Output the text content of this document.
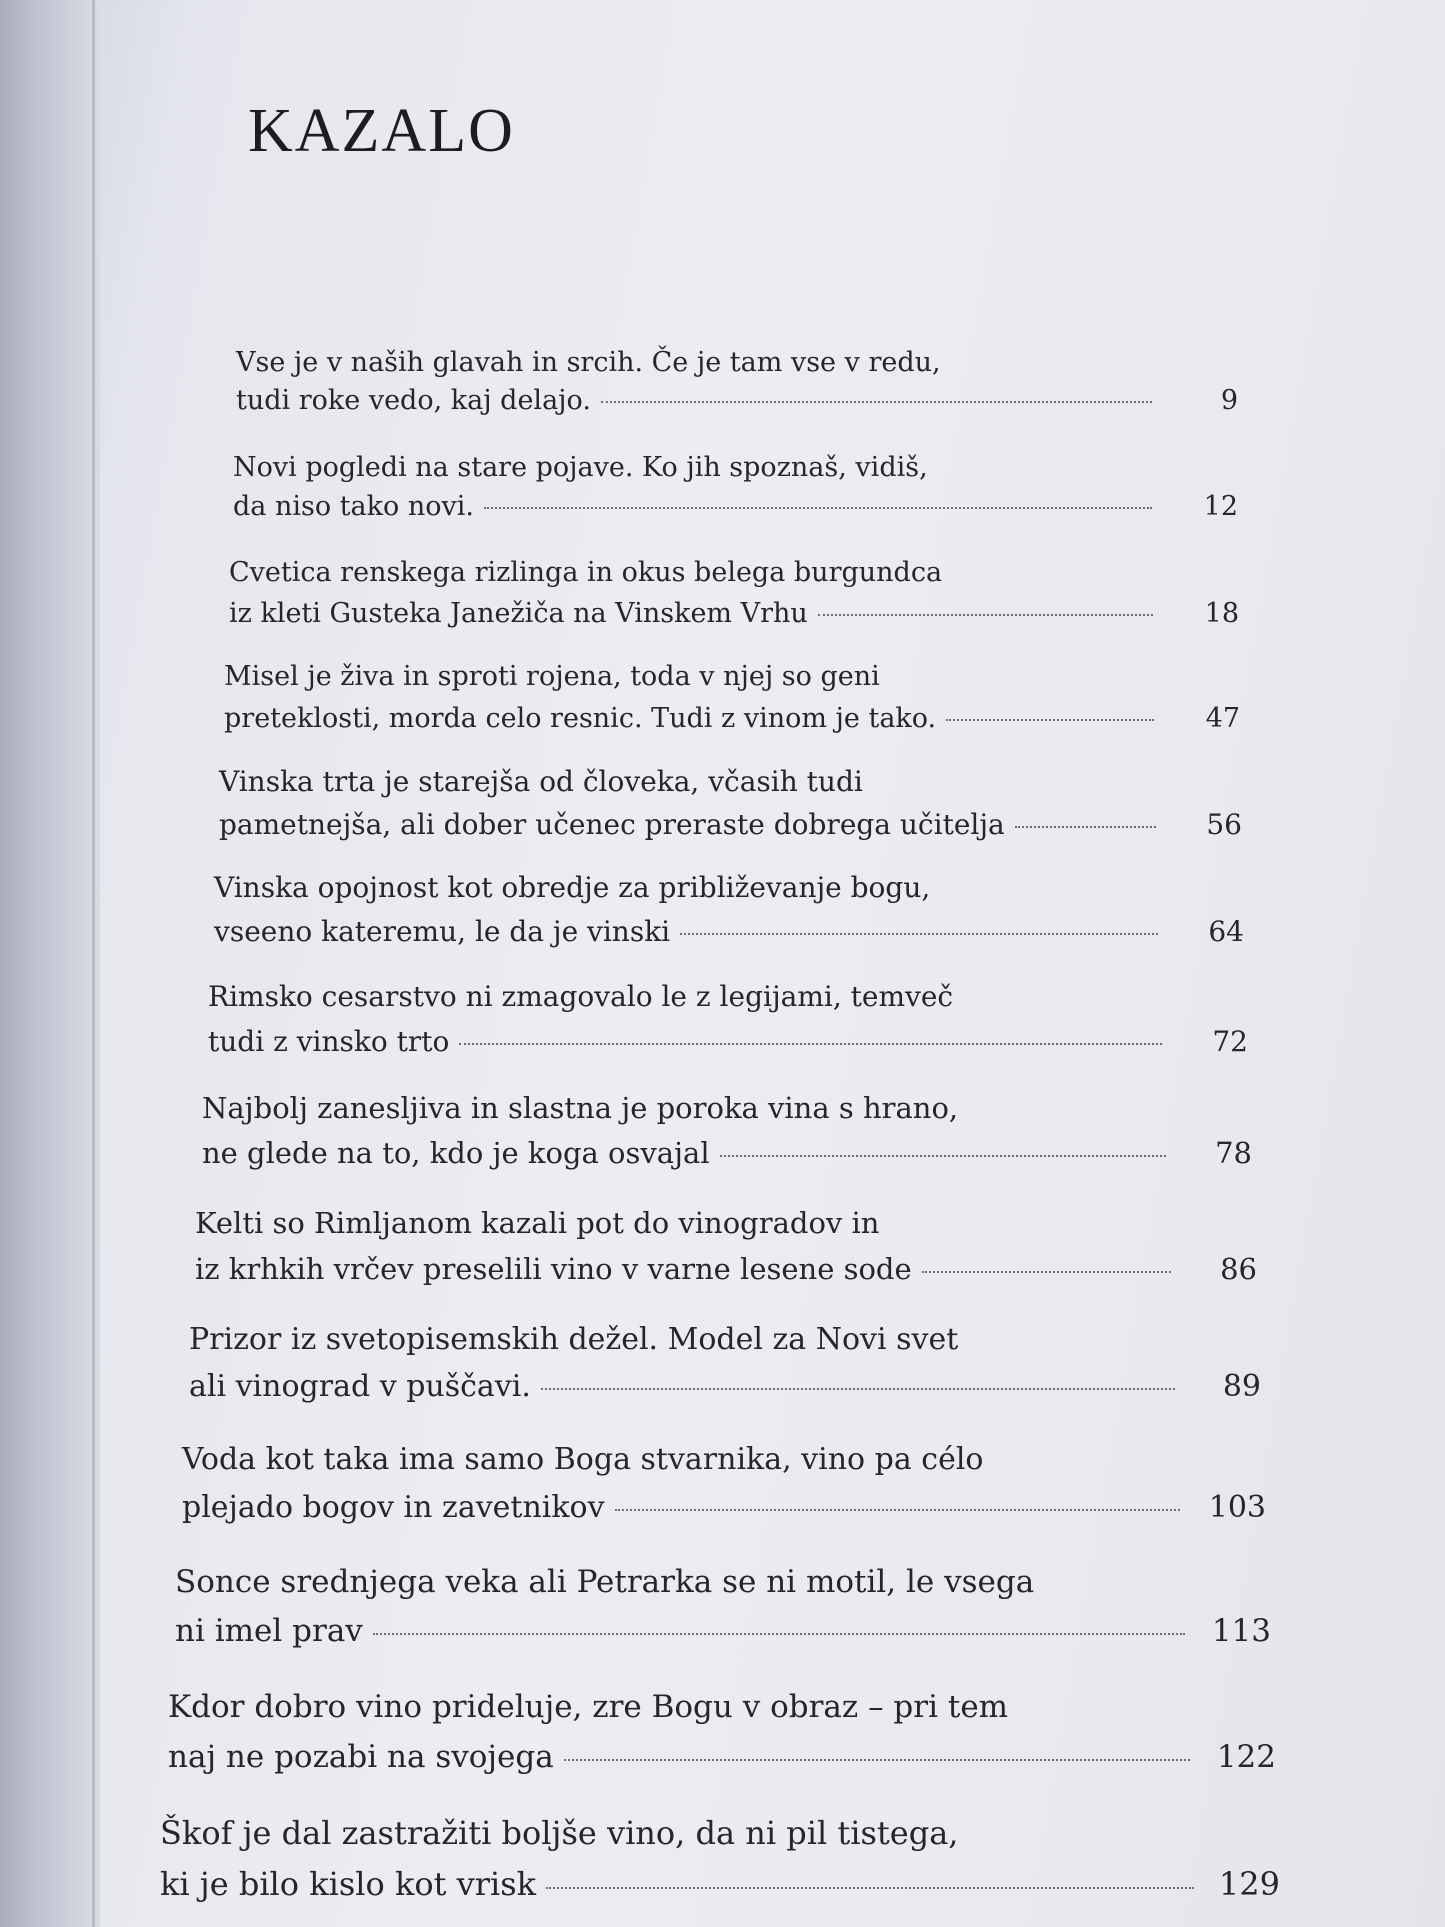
KAZALO
Vse je v naših glavah in srcih. Če je tam vse v redu,
tudi roke vedo, kaj delajo.	9
Novi pogledi na stare pojave. Ko jih spoznaš, vidiš,
da niso tako novi.	12
Cvetica renskega rizlinga in okus belega burgundca
iz kleti Gusteka Janežiča na Vinskem Vrhu	18
Misel je živa in sproti rojena, toda v njej so geni
preteklosti, morda celo resnic. Tudi z vinom je tako.	47
Vinska trta je starejša od človeka, včasih tudi
pametnejša, ali dober učenec preraste dobrega učitelja	56
Vinska opojnost kot obredje za približevanje bogu,
vseeno kateremu, le da je vinski	64
Rimsko cesarstvo ni zmagovalo le z legijami, temveč
tudi z vinsko trto	72
Najbolj zanesljiva in slastna je poroka vina s hrano,
ne glede na to, kdo je koga osvajal	78
Kelti so Rimljanom kazali pot do vinogradov in
iz krhkih vrčev preselili vino v varne lesene sode	86
Prizor iz svetopisemskih dežel. Model za Novi svet
ali vinograd v puščavi.	89
Voda kot taka ima samo Boga stvarnika, vino pa célo
plejado bogov in zavetnikov	103
Sonce srednjega veka ali Petrarka se ni motil, le vsega
ni imel prav	113
Kdor dobro vino prideluje, zre Bogu v obraz – pri tem
naj ne pozabi na svojega	122
Škof je dal zastražiti boljše vino, da ni pil tistega,
ki je bilo kislo kot vrisk	129
